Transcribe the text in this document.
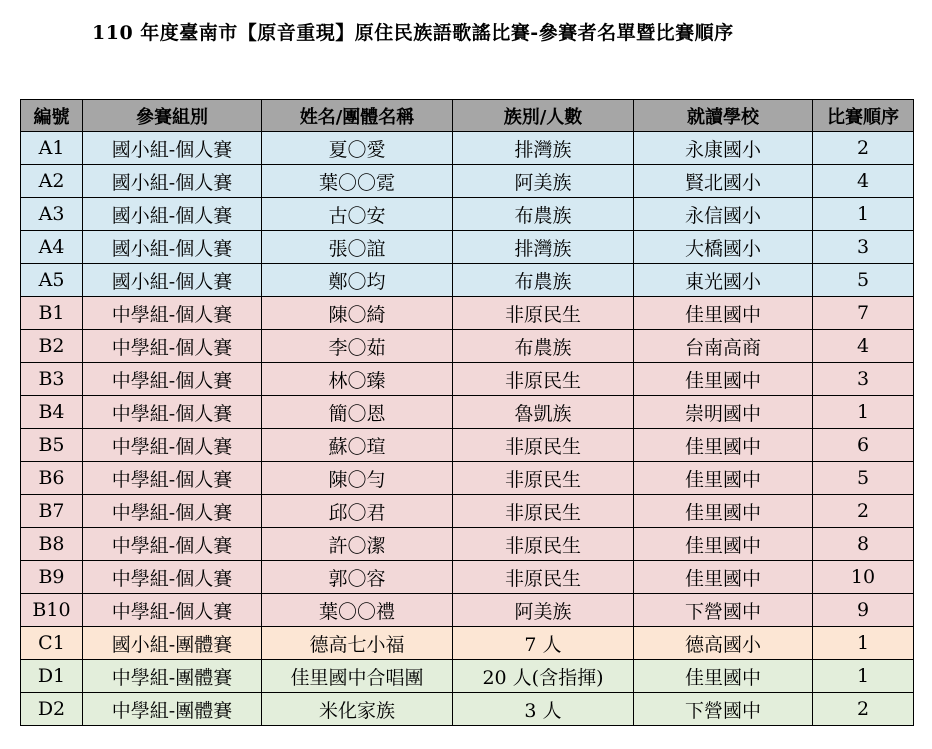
110 年度臺南市【原音重現】原住民族語歌謠比賽-參賽者名單暨比賽順序
編號	參賽組別	姓名/團體名稱	族別/人數	就讀學校	比賽順序
A1	國小組-個人賽	夏〇愛	排灣族	永康國小	2
A2	國小組-個人賽	葉〇〇霓	阿美族	賢北國小	4
A3	國小組-個人賽	古〇安	布農族	永信國小	1
A4	國小組-個人賽	張〇誼	排灣族	大橋國小	3
A5	國小組-個人賽	鄭〇均	布農族	東光國小	5
B1	中學組-個人賽	陳〇綺	非原民生	佳里國中	7
B2	中學組-個人賽	李〇茹	布農族	台南高商	4
B3	中學組-個人賽	林〇臻	非原民生	佳里國中	3
B4	中學組-個人賽	簡〇恩	魯凱族	崇明國中	1
B5	中學組-個人賽	蘇〇瑄	非原民生	佳里國中	6
B6	中學組-個人賽	陳〇勻	非原民生	佳里國中	5
B7	中學組-個人賽	邱〇君	非原民生	佳里國中	2
B8	中學組-個人賽	許〇潔	非原民生	佳里國中	8
B9	中學組-個人賽	郭〇容	非原民生	佳里國中	10
B10	中學組-個人賽	葉〇〇禮	阿美族	下營國中	9
C1	國小組-團體賽	德高七小福	7 人	德高國小	1
D1	中學組-團體賽	佳里國中合唱團	20 人(含指揮)	佳里國中	1
D2	中學組-團體賽	米化家族	3 人	下營國中	2
